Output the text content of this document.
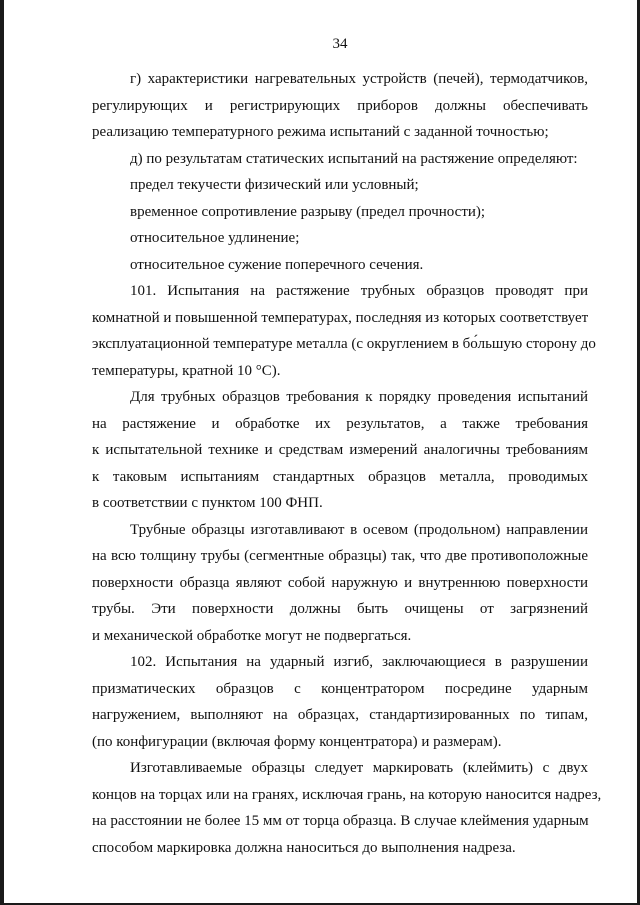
34

г) характеристики нагревательных устройств (печей), термодатчиков,
регулирующих и регистрирующих приборов должны обеспечивать
реализацию температурного режима испытаний с заданной точностью;

д) по результатам статических испытаний на растяжение определяют:

предел текучести физический или условный;

временное сопротивление разрыву (предел прочности);

относительное удлинение;

относительное сужение поперечного сечения.

101. Испытания на растяжение трубных образцов проводят при
комнатной и повышенной температурах, последняя из которых соответствует
эксплуатационной температуре металла (с округлением в бо́льшую сторону до
температуры, кратной 10 °С).

Для трубных образцов требования к порядку проведения испытаний
на растяжение и обработке их результатов, а также требования
к испытательной технике и средствам измерений аналогичны требованиям
к таковым испытаниям стандартных образцов металла, проводимых
в соответствии с пунктом 100 ФНП.

Трубные образцы изготавливают в осевом (продольном) направлении
на всю толщину трубы (сегментные образцы) так, что две противоположные
поверхности образца являют собой наружную и внутреннюю поверхности
трубы. Эти поверхности должны быть очищены от загрязнений
и механической обработке могут не подвергаться.

102. Испытания на ударный изгиб, заключающиеся в разрушении
призматических образцов с концентратором посредине ударным
нагружением, выполняют на образцах, стандартизированных по типам,
(по конфигурации (включая форму концентратора) и размерам).

Изготавливаемые образцы следует маркировать (клеймить) с двух
концов на торцах или на гранях, исключая грань, на которую наносится надрез,
на расстоянии не более 15 мм от торца образца. В случае клеймения ударным
способом маркировка должна наноситься до выполнения надреза.
